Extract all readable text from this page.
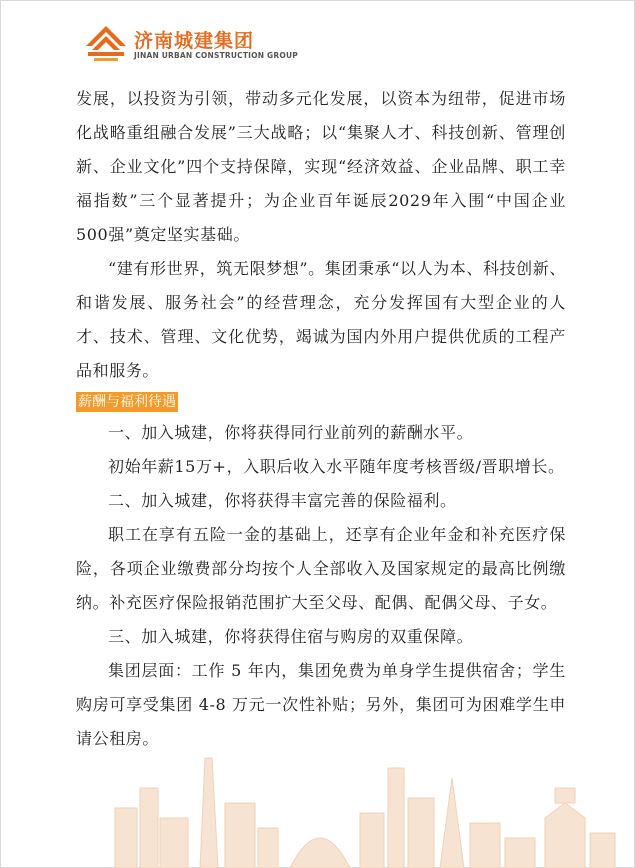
济南城建集团
JINAN URBAN CONSTRUCTION GROUP

发展，以投资为引领，带动多元化发展，以资本为纽带，促进市场化战略重组融合发展”三大战略；以“集聚人才、科技创新、管理创新、企业文化”四个支持保障，实现“经济效益、企业品牌、职工幸福指数”三个显著提升；为企业百年诞辰2029年入围“中国企业500强”奠定坚实基础。

“建有形世界，筑无限梦想”。集团秉承“以人为本、科技创新、和谐发展、服务社会”的经营理念，充分发挥国有大型企业的人才、技术、管理、文化优势，竭诚为国内外用户提供优质的工程产品和服务。

薪酬与福利待遇

一、加入城建，你将获得同行业前列的薪酬水平。

初始年薪15万+，入职后收入水平随年度考核晋级/晋职增长。

二、加入城建，你将获得丰富完善的保险福利。

职工在享有五险一金的基础上，还享有企业年金和补充医疗保险，各项企业缴费部分均按个人全部收入及国家规定的最高比例缴纳。补充医疗保险报销范围扩大至父母、配偶、配偶父母、子女。

三、加入城建，你将获得住宿与购房的双重保障。

集团层面：工作 5 年内，集团免费为单身学生提供宿舍；学生购房可享受集团 4-8 万元一次性补贴；另外，集团可为困难学生申请公租房。
